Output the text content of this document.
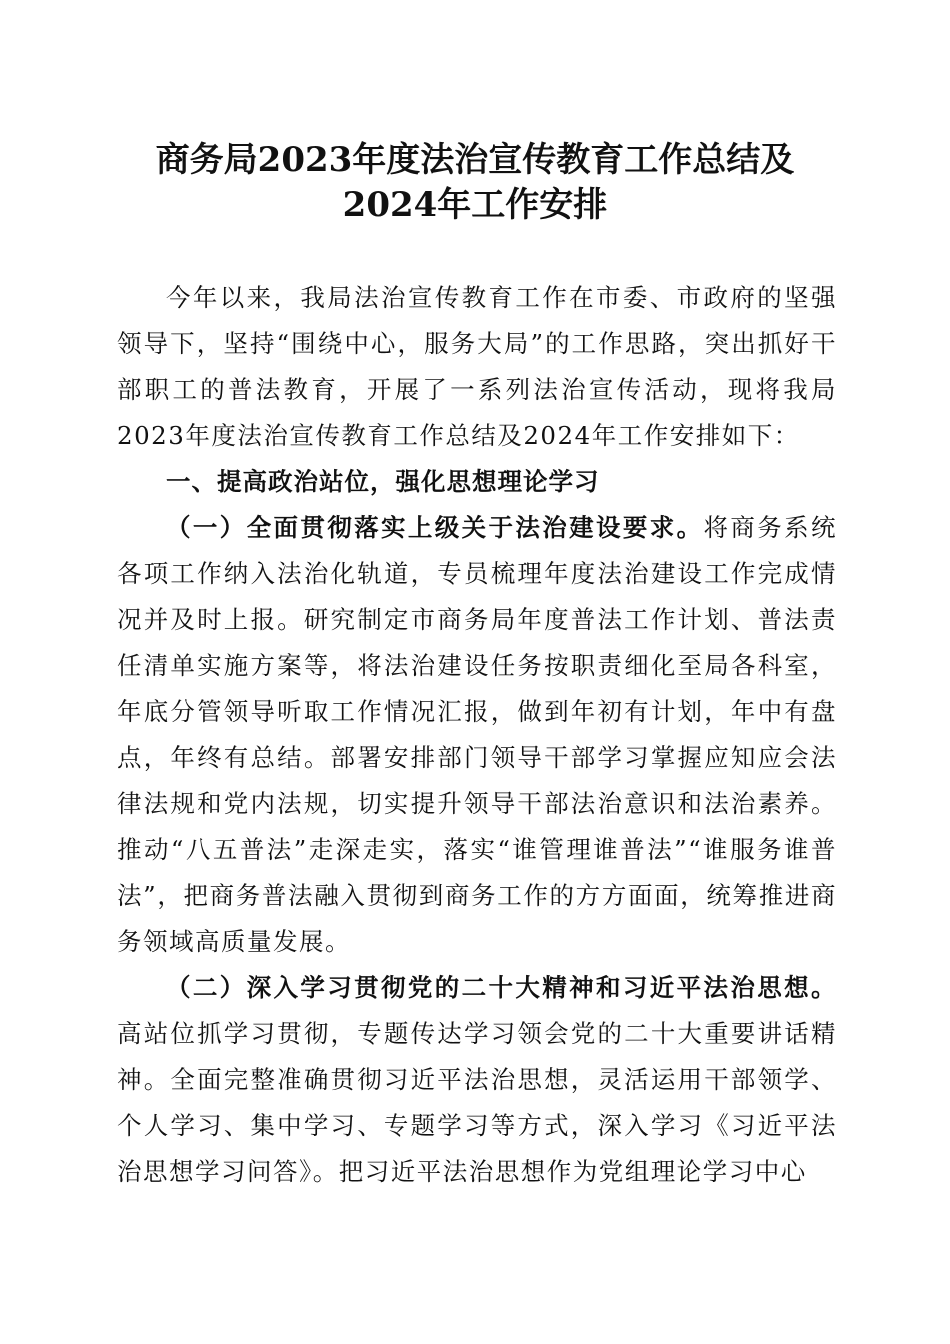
商务局2023年度法治宣传教育工作总结及
2024年工作安排

今年以来，我局法治宣传教育工作在市委、市政府的坚强领导下，坚持“围绕中心，服务大局”的工作思路，突出抓好干部职工的普法教育，开展了一系列法治宣传活动，现将我局2023年度法治宣传教育工作总结及2024年工作安排如下：

一、提高政治站位，强化思想理论学习

（一）全面贯彻落实上级关于法治建设要求。将商务系统各项工作纳入法治化轨道，专员梳理年度法治建设工作完成情况并及时上报。研究制定市商务局年度普法工作计划、普法责任清单实施方案等，将法治建设任务按职责细化至局各科室，年底分管领导听取工作情况汇报，做到年初有计划，年中有盘点，年终有总结。部署安排部门领导干部学习掌握应知应会法律法规和党内法规，切实提升领导干部法治意识和法治素养。推动“八五普法”走深走实，落实“谁管理谁普法”“谁服务谁普法”，把商务普法融入贯彻到商务工作的方方面面，统筹推进商务领域高质量发展。

（二）深入学习贯彻党的二十大精神和习近平法治思想。高站位抓学习贯彻，专题传达学习领会党的二十大重要讲话精神。全面完整准确贯彻习近平法治思想，灵活运用干部领学、个人学习、集中学习、专题学习等方式，深入学习《习近平法治思想学习问答》。把习近平法治思想作为党组理论学习中心
